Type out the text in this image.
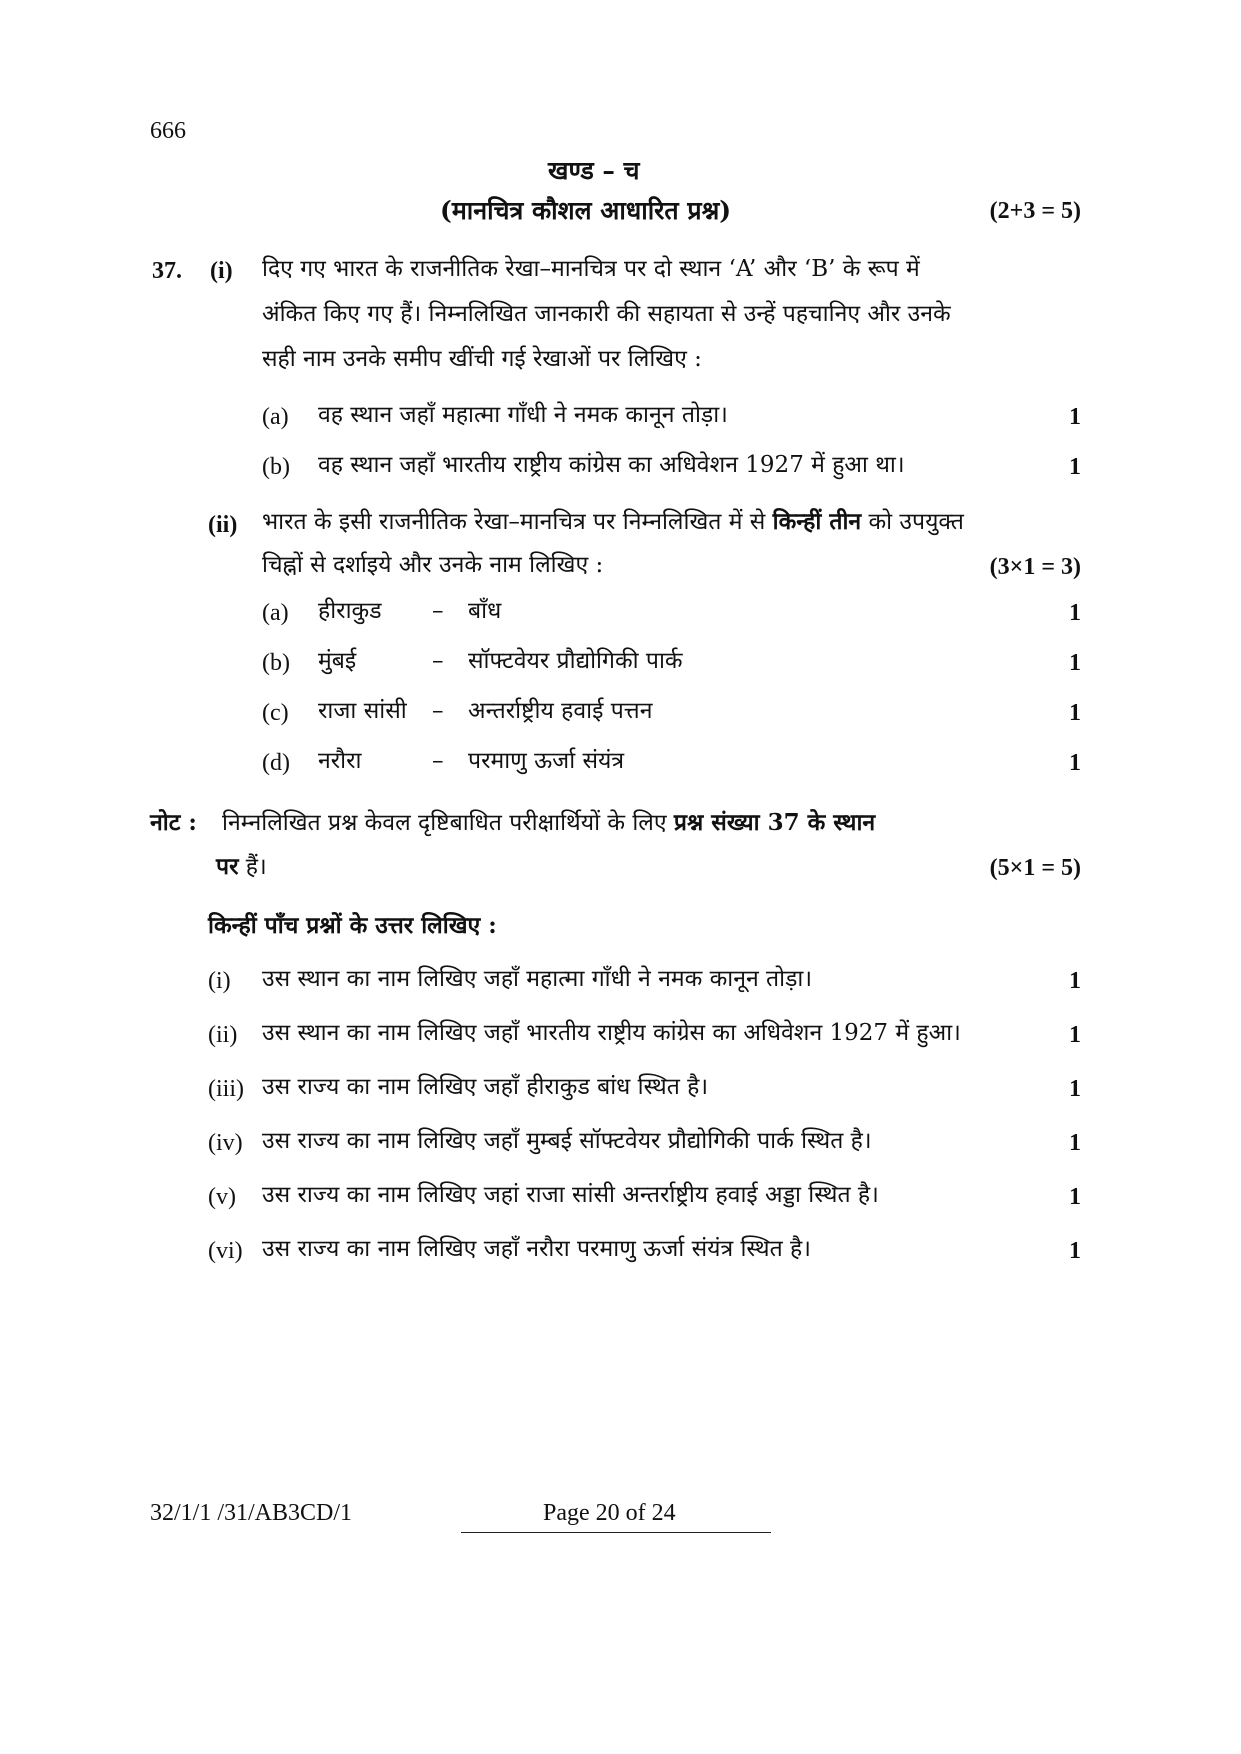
666
खण्ड – च
(मानचित्र कौशल आधारित प्रश्न)	(2+3 = 5)
37. (i) दिए गए भारत के राजनीतिक रेखा–मानचित्र पर दो स्थान ‘A’ और ‘B’ के रूप में
अंकित किए गए हैं। निम्नलिखित जानकारी की सहायता से उन्हें पहचानिए और उनके
सही नाम उनके समीप खींची गई रेखाओं पर लिखिए :
(a) वह स्थान जहाँ महात्मा गाँधी ने नमक कानून तोड़ा।	1
(b) वह स्थान जहाँ भारतीय राष्ट्रीय कांग्रेस का अधिवेशन 1927 में हुआ था।	1
(ii) भारत के इसी राजनीतिक रेखा–मानचित्र पर निम्नलिखित में से किन्हीं तीन को उपयुक्त
चिह्नों से दर्शाइये और उनके नाम लिखिए :	(3×1 = 3)
(a) हीराकुड – बाँध	1
(b) मुंबई	– सॉफ्टवेयर प्रौद्योगिकी पार्क	1
(c) राजा सांसी – अन्तर्राष्ट्रीय हवाई पत्तन	1
(d) नरौरा	– परमाणु ऊर्जा संयंत्र	1
नोट : निम्नलिखित प्रश्न केवल दृष्टिबाधित परीक्षार्थियों के लिए प्रश्न संख्या 37 के स्थान
पर हैं।	(5×1 = 5)
किन्हीं पाँच प्रश्नों के उत्तर लिखिए :
(i) उस स्थान का नाम लिखिए जहाँ महात्मा गाँधी ने नमक कानून तोड़ा।	1
(ii) उस स्थान का नाम लिखिए जहाँ भारतीय राष्ट्रीय कांग्रेस का अधिवेशन 1927 में हुआ।	1
(iii) उस राज्य का नाम लिखिए जहाँ हीराकुड बांध स्थित है।	1
(iv) उस राज्य का नाम लिखिए जहाँ मुम्बई सॉफ्टवेयर प्रौद्योगिकी पार्क स्थित है।	1
(v) उस राज्य का नाम लिखिए जहां राजा सांसी अन्तर्राष्ट्रीय हवाई अड्डा स्थित है।	1
(vi) उस राज्य का नाम लिखिए जहाँ नरौरा परमाणु ऊर्जा संयंत्र स्थित है।	1
32/1/1 /31/AB3CD/1	Page 20 of 24
